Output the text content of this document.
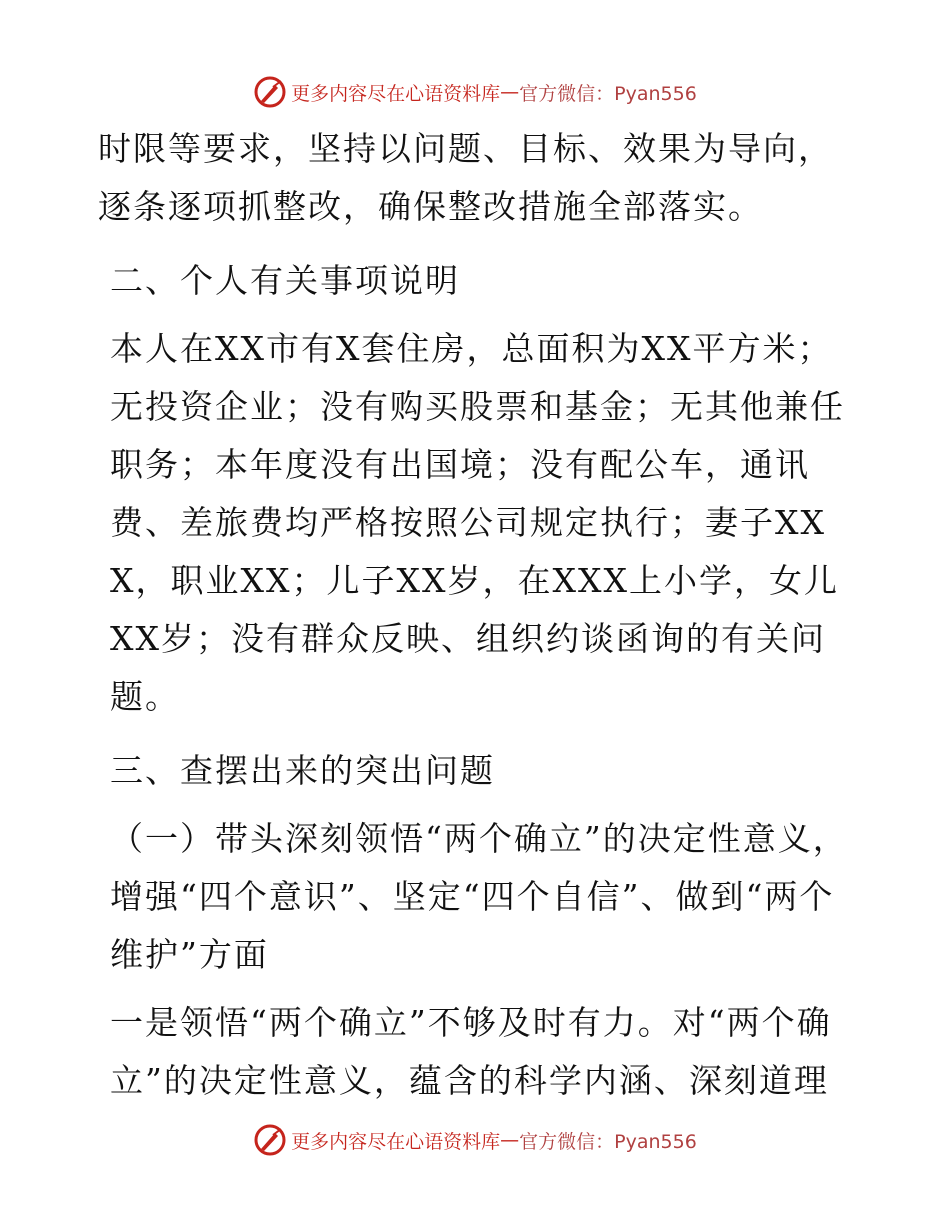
更多内容尽在心语资料库 — 官方微信：Pyan556

时限等要求，坚持以问题、目标、效果为导向，逐条逐项抓整改，确保整改措施全部落实。

二、个人有关事项说明

本人在XX市有X套住房，总面积为XX平方米；无投资企业；没有购买股票和基金；无其他兼任职务；本年度没有出国境；没有配公车，通讯费、差旅费均严格按照公司规定执行；妻子XXX，职业XX；儿子XX岁，在XXX上小学，女儿XX岁；没有群众反映、组织约谈函询的有关问题。

三、查摆出来的突出问题

（一）带头深刻领悟“两个确立”的决定性意义，增强“四个意识”、坚定“四个自信”、做到“两个维护”方面

一是领悟“两个确立”不够及时有力。对“两个确立”的决定性意义，蕴含的科学内涵、深刻道理

更多内容尽在心语资料库 — 官方微信：Pyan556
